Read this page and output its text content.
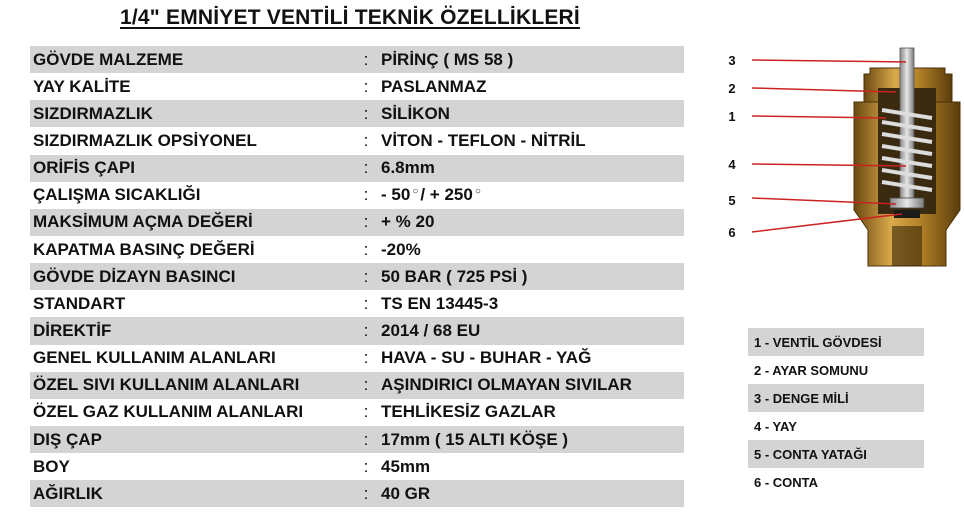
1/4" EMNİYET VENTİLİ TEKNİK ÖZELLİKLERİ
GÖVDE MALZEME	: PİRİNÇ ( MS 58 )
YAY KALİTE	: PASLANMAZ
SIZDIRMAZLIK	: SİLİKON
SIZDIRMAZLIK OPSİYONEL	: VİTON - TEFLON - NİTRİL
ORİFİS ÇAPI	: 6.8mm
ÇALIŞMA SICAKLIĞI	: - 50 ○ / + 250 ○
MAKSİMUM AÇMA DEĞERİ	: + % 20
KAPATMA BASINÇ DEĞERİ	: -20%
GÖVDE DİZAYN BASINCI	: 50 BAR ( 725 PSİ )
STANDART	: TS EN 13445-3
DİREKTİF	: 2014 / 68 EU
GENEL KULLANIM ALANLARI	: HAVA - SU - BUHAR - YAĞ
ÖZEL SIVI KULLANIM ALANLARI	: AŞINDIRICI OLMAYAN SIVILAR
ÖZEL GAZ KULLANIM ALANLARI	: TEHLİKESİZ GAZLAR
DIŞ ÇAP	: 17mm ( 15 ALTI KÖŞE )
BOY	: 45mm
AĞIRLIK	: 40 GR
3
2
1
4
5
6
1 - VENTİL GÖVDESİ
2 - AYAR SOMUNU
3 - DENGE MİLİ
4 - YAY
5 - CONTA YATAĞI
6 - CONTA
